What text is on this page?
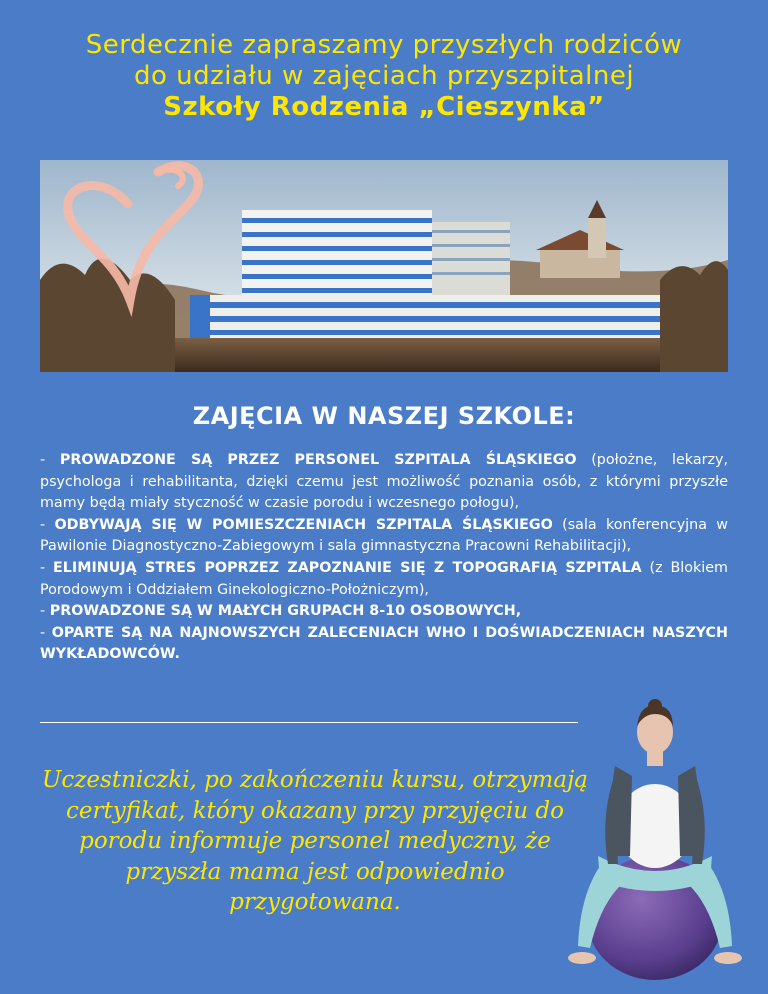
Serdecznie zapraszamy przyszłych rodziców
do udziału w zajęciach przyszpitalnej
Szkoły Rodzenia „Cieszynka”
ZAJĘCIA W NASZEJ SZKOLE:

- PROWADZONE SĄ PRZEZ PERSONEL SZPITALA ŚLĄSKIEGO (położne, lekarzy, psychologa i rehabilitanta, dzięki czemu jest możliwość poznania osób, z którymi przyszłe mamy będą miały styczność w czasie porodu i wczesnego połogu),

- ODBYWAJĄ SIĘ W POMIESZCZENIACH SZPITALA ŚLĄSKIEGO (sala konferencyjna w Pawilonie Diagnostyczno-Zabiegowym i sala gimnastyczna Pracowni Rehabilitacji),

- ELIMINUJĄ STRES POPRZEZ ZAPOZNANIE SIĘ Z TOPOGRAFIĄ SZPITALA (z Blokiem Porodowym i Oddziałem Ginekologiczno-Położniczym),

- PROWADZONE SĄ W MAŁYCH GRUPACH 8-10 OSOBOWYCH,

- OPARTE SĄ NA NAJNOWSZYCH ZALECENIACH WHO I DOŚWIADCZENIACH NASZYCH WYKŁADOWCÓW.

Uczestniczki, po zakończeniu kursu, otrzymają certyfikat, który okazany przy przyjęciu do porodu informuje personel medyczny, że przyszła mama jest odpowiednio przygotowana.
